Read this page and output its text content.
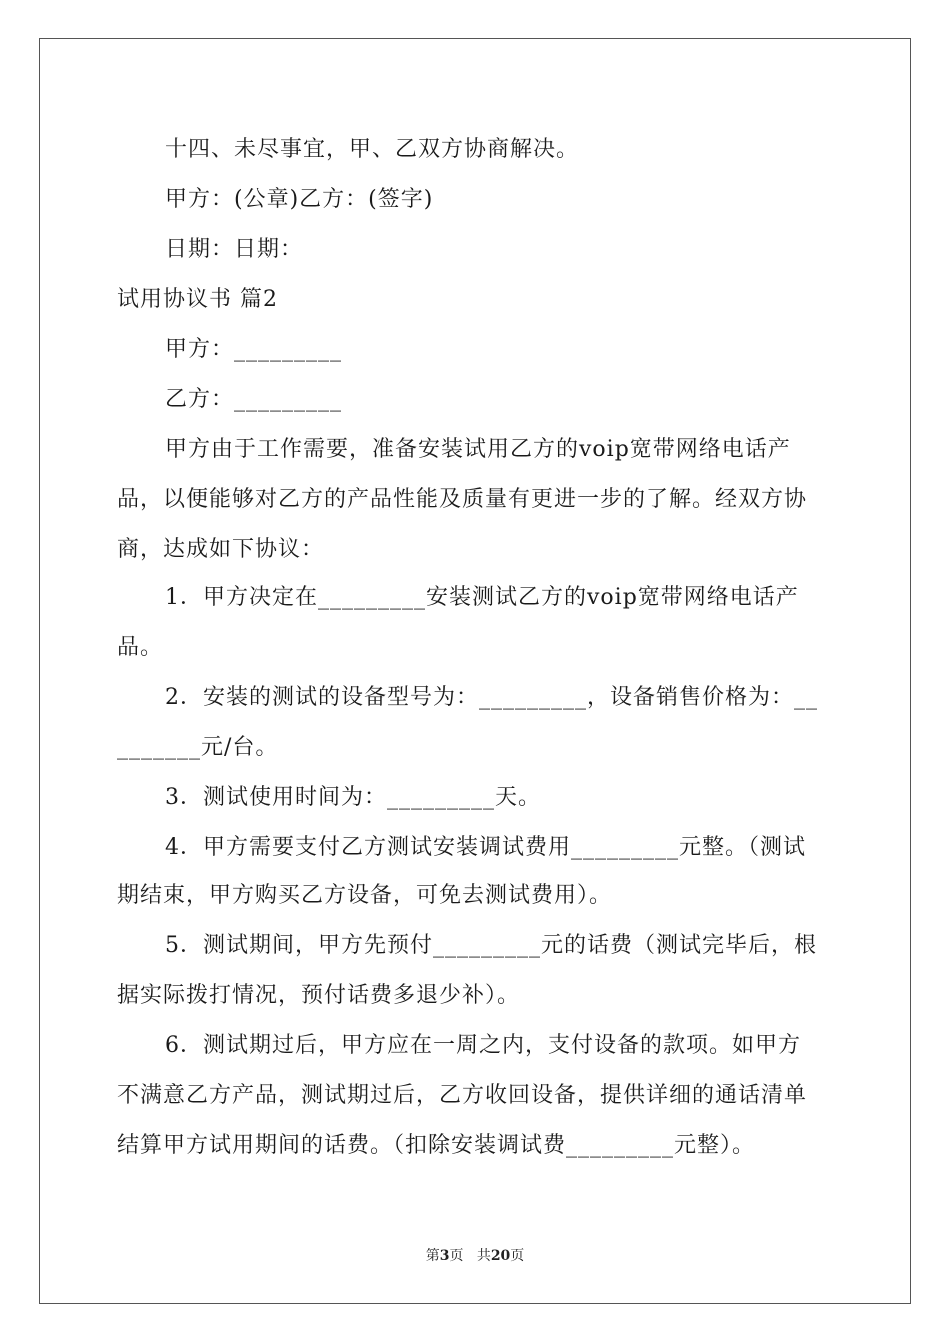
十四、未尽事宜，甲、乙双方协商解决。
甲方：(公章)乙方：(签字)
日期：日期：
试用协议书 篇2
甲方：_________
乙方：_________
甲方由于工作需要，准备安装试用乙方的voip宽带网络电话产
品，以便能够对乙方的产品性能及质量有更进一步的了解。经双方协
商，达成如下协议：
1．甲方决定在_________安装测试乙方的voip宽带网络电话产
品。
2．安装的测试的设备型号为：_________，设备销售价格为：__
_______元/台。
3．测试使用时间为：_________天。
4．甲方需要支付乙方测试安装调试费用_________元整。（测试
期结束，甲方购买乙方设备，可免去测试费用）。
5．测试期间，甲方先预付_________元的话费（测试完毕后，根
据实际拨打情况，预付话费多退少补）。
6．测试期过后，甲方应在一周之内，支付设备的款项。如甲方
不满意乙方产品，测试期过后，乙方收回设备，提供详细的通话清单
结算甲方试用期间的话费。（扣除安装调试费_________元整）。
第3页 共20页
